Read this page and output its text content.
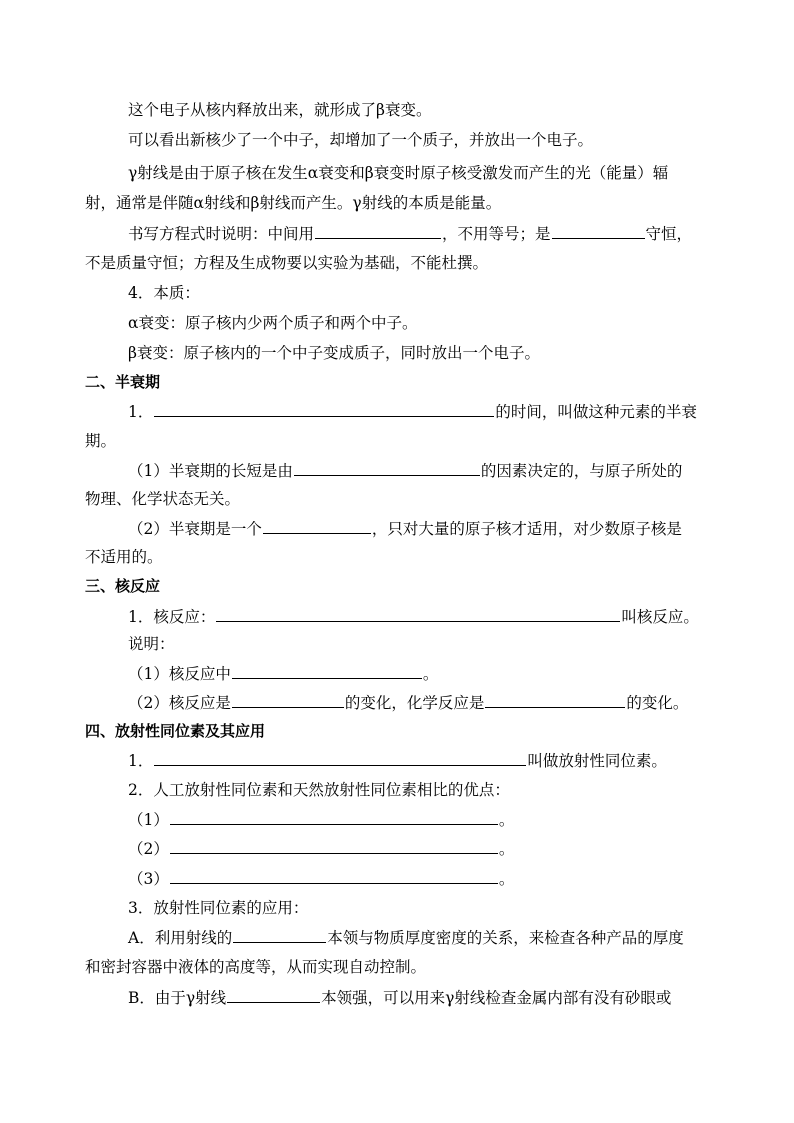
这个电子从核内释放出来，就形成了β衰变。
可以看出新核少了一个中子，却增加了一个质子，并放出一个电子。
γ射线是由于原子核在发生α衰变和β衰变时原子核受激发而产生的光（能量）辐
射，通常是伴随α射线和β射线而产生。γ射线的本质是能量。
书写方程式时说明：中间用	，不用等号；是	守恒，
不是质量守恒；方程及生成物要以实验为基础，不能杜撰。
4．本质：
α衰变：原子核内少两个质子和两个中子。
β衰变：原子核内的一个中子变成质子，同时放出一个电子。
二、半衰期
1．	的时间，叫做这种元素的半衰
期。
（1）半衰期的长短是由	的因素决定的，与原子所处的
物理、化学状态无关。
（2）半衰期是一个	，只对大量的原子核才适用，对少数原子核是
不适用的。
三、核反应
1．核反应：	叫核反应。
说明：
（1）核反应中	。
（2）核反应是	的变化，化学反应是	的变化。
四、放射性同位素及其应用
1．	叫做放射性同位素。
2．人工放射性同位素和天然放射性同位素相比的优点：
（1）	。
（2）	。
（3）	。
3．放射性同位素的应用：
A．利用射线的	本领与物质厚度密度的关系，来检查各种产品的厚度
和密封容器中液体的高度等，从而实现自动控制。
B．由于γ射线	本领强，可以用来γ射线检查金属内部有没有砂眼或
